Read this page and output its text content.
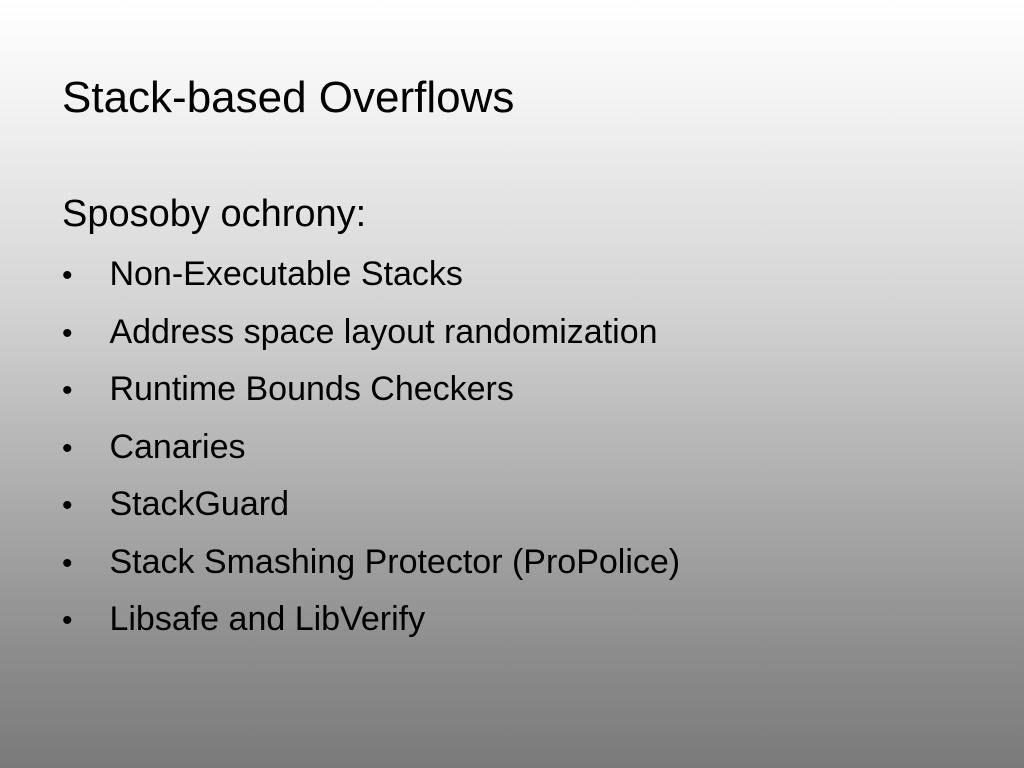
Stack-based Overflows
Sposoby ochrony:
• Non-Executable Stacks
• Address space layout randomization
• Runtime Bounds Checkers
• Canaries
• StackGuard
• Stack Smashing Protector (ProPolice)
• Libsafe and LibVerify
